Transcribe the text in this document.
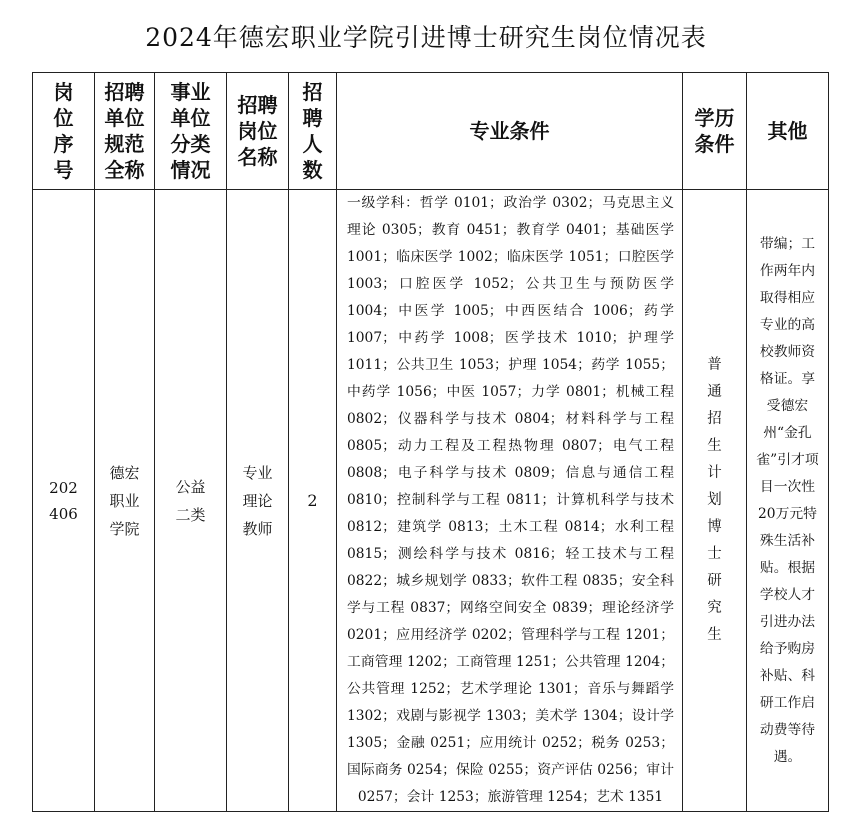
2024年德宏职业学院引进博士研究生岗位情况表
岗位序号	招聘单位规范全称	事业单位分类情况	招聘岗位名称	招聘人数	专业条件	学历条件	其他
202406	德宏职业学院	公益二类	专业理论教师	2	一级学科：哲学 0101；政治学 0302；马克思主义理论 0305；教育 0451；教育学 0401；基础医学 1001；临床医学 1002；临床医学 1051；口腔医学 1003；口腔医学 1052；公共卫生与预防医学 1004；中医学 1005；中西医结合 1006；药学 1007；中药学 1008；医学技术 1010；护理学 1011；公共卫生 1053；护理 1054；药学 1055；中药学 1056；中医 1057；力学 0801；机械工程 0802；仪器科学与技术 0804；材料科学与工程 0805；动力工程及工程热物理 0807；电气工程 0808；电子科学与技术 0809；信息与通信工程 0810；控制科学与工程 0811；计算机科学与技术 0812；建筑学 0813；土木工程 0814；水利工程 0815；测绘科学与技术 0816；轻工技术与工程 0822；城乡规划学 0833；软件工程 0835；安全科学与工程 0837；网络空间安全 0839；理论经济学 0201；应用经济学 0202；管理科学与工程 1201；工商管理 1202；工商管理 1251；公共管理 1204；公共管理 1252；艺术学理论 1301；音乐与舞蹈学 1302；戏剧与影视学 1303；美术学 1304；设计学 1305；金融 0251；应用统计 0252；税务 0253；国际商务 0254；保险 0255；资产评估 0256；审计 0257；会计 1253；旅游管理 1254；艺术 1351	普通招生计划博士研究生	带编；工作两年内取得相应专业的高校教师资格证。享受德宏州“金孔雀”引才项目一次性20万元特殊生活补贴。根据学校人才引进办法给予购房补贴、科研工作启动费等待遇。
